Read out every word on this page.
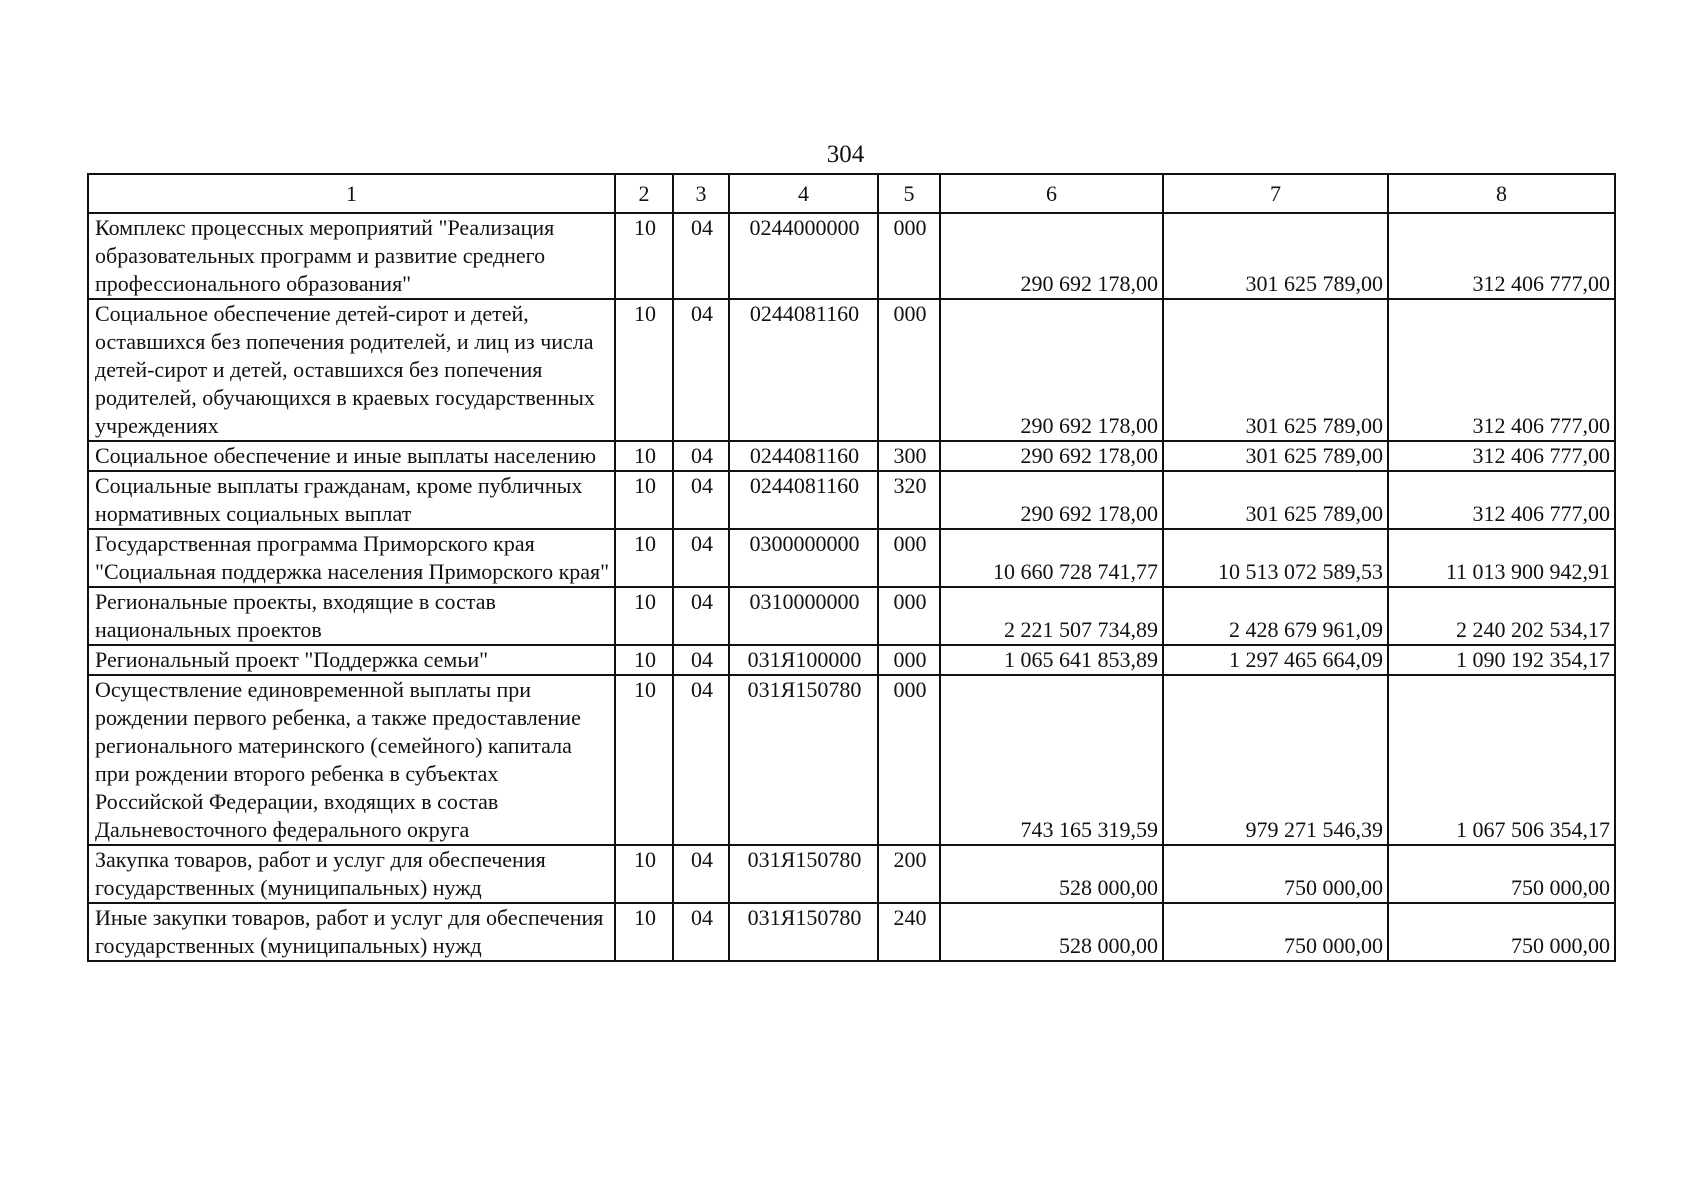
304
1	2	3	4	5	6	7	8
Комплекс процессных мероприятий "Реализация образовательных программ и развитие среднего профессионального образования"	10	04	0244000000	000	290 692 178,00	301 625 789,00	312 406 777,00
Социальное обеспечение детей-сирот и детей, оставшихся без попечения родителей, и лиц из числа детей-сирот и детей, оставшихся без попечения родителей, обучающихся в краевых государственных учреждениях	10	04	0244081160	000	290 692 178,00	301 625 789,00	312 406 777,00
Социальное обеспечение и иные выплаты населению	10	04	0244081160	300	290 692 178,00	301 625 789,00	312 406 777,00
Социальные выплаты гражданам, кроме публичных нормативных социальных выплат	10	04	0244081160	320	290 692 178,00	301 625 789,00	312 406 777,00
Государственная программа Приморского края "Социальная поддержка населения Приморского края"	10	04	0300000000	000	10 660 728 741,77	10 513 072 589,53	11 013 900 942,91
Региональные проекты, входящие в состав национальных проектов	10	04	0310000000	000	2 221 507 734,89	2 428 679 961,09	2 240 202 534,17
Региональный проект "Поддержка семьи"	10	04	031Я100000	000	1 065 641 853,89	1 297 465 664,09	1 090 192 354,17
Осуществление единовременной выплаты при рождении первого ребенка, а также предоставление регионального материнского (семейного) капитала при рождении второго ребенка в субъектах Российской Федерации, входящих в состав Дальневосточного федерального округа	10	04	031Я150780	000	743 165 319,59	979 271 546,39	1 067 506 354,17
Закупка товаров, работ и услуг для обеспечения государственных (муниципальных) нужд	10	04	031Я150780	200	528 000,00	750 000,00	750 000,00
Иные закупки товаров, работ и услуг для обеспечения государственных (муниципальных) нужд	10	04	031Я150780	240	528 000,00	750 000,00	750 000,00
